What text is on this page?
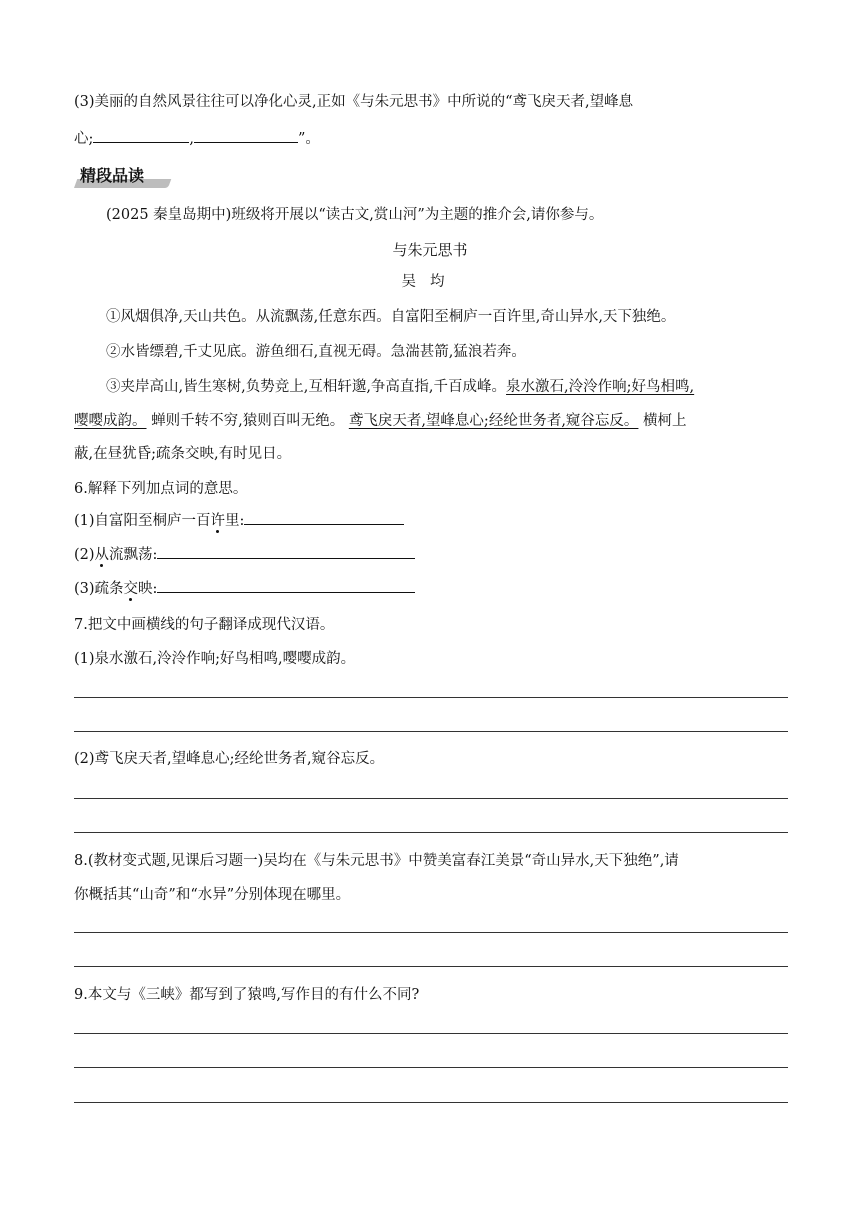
(3)美丽的自然风景往往可以净化心灵,正如《与朱元思书》中所说的“鸢飞戾天者,望峰息
心;	,	”。
精段品读
(2025 秦皇岛期中)班级将开展以“读古文,赏山河”为主题的推介会,请你参与。
与朱元思书
吴均
①风烟俱净,天山共色。从流飘荡,任意东西。自富阳至桐庐一百许里,奇山异水,天下独绝。
②水皆缥碧,千丈见底。游鱼细石,直视无碍。急湍甚箭,猛浪若奔。
③夹岸高山,皆生寒树,负势竞上,互相轩邈,争高直指,千百成峰。泉水激石,泠泠作响;好鸟相鸣,
嘤嘤成韵。 蝉则千转不穷,猿则百叫无绝。 鸢飞戾天者,望峰息心;经纶世务者,窥谷忘反。 横柯上
蔽,在昼犹昏;疏条交映,有时见日。
6.解释下列加点词的意思。
(1)自富阳至桐庐一百许里:
(2)从流飘荡:
(3)疏条交映:
7.把文中画横线的句子翻译成现代汉语。
(1)泉水激石,泠泠作响;好鸟相鸣,嘤嘤成韵。
(2)鸢飞戾天者,望峰息心;经纶世务者,窥谷忘反。
8.(教材变式题,见课后习题一)吴均在《与朱元思书》中赞美富春江美景“奇山异水,天下独绝”,请
你概括其“山奇”和“水异”分别体现在哪里。
9.本文与《三峡》都写到了猿鸣,写作目的有什么不同?
